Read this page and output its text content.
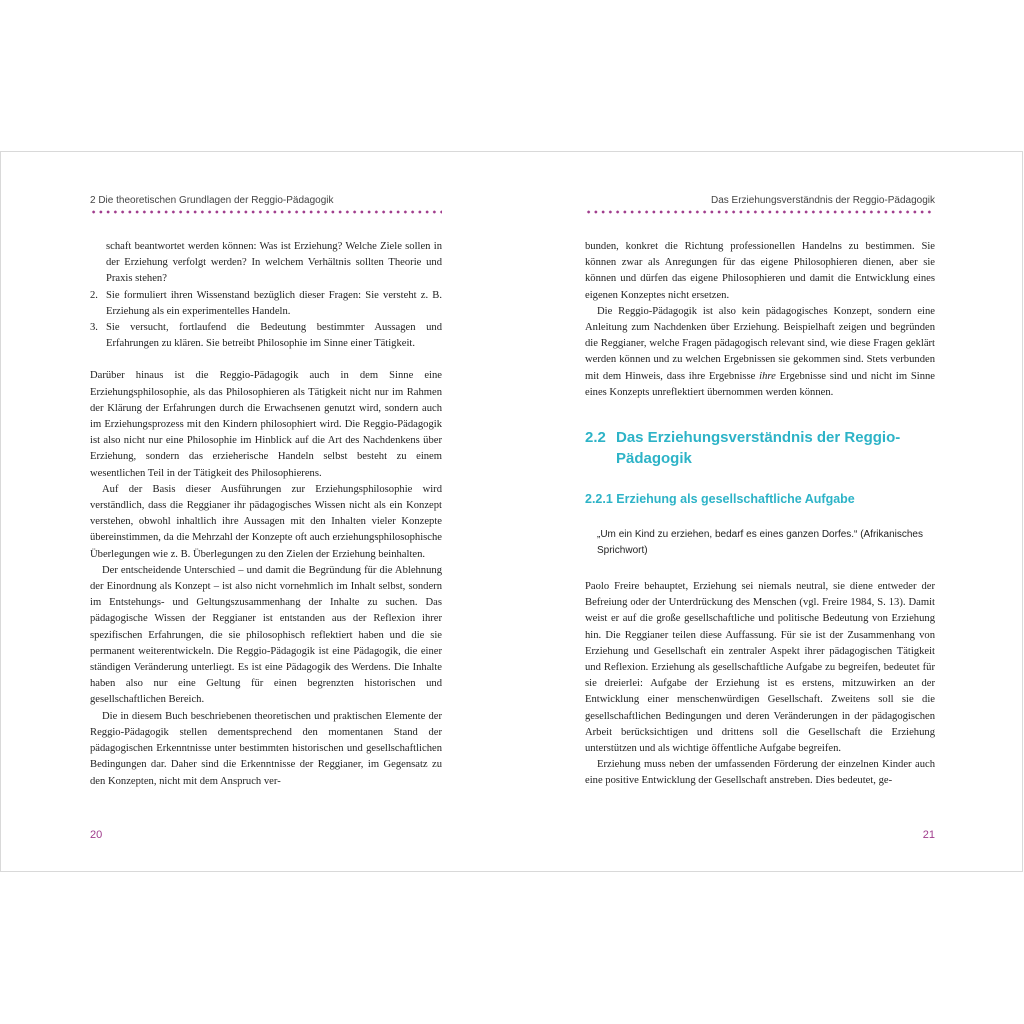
2 Die theoretischen Grundlagen der Reggio-Pädagogik

schaft beantwortet werden können: Was ist Erziehung? Welche Ziele sollen in der Erziehung verfolgt werden? In welchem Verhältnis sollten Theorie und Praxis stehen?

2. Sie formuliert ihren Wissenstand bezüglich dieser Fragen: Sie versteht z. B. Erziehung als ein experimentelles Handeln.

3. Sie versucht, fortlaufend die Bedeutung bestimmter Aussagen und Erfahrungen zu klären. Sie betreibt Philosophie im Sinne einer Tätigkeit.

Darüber hinaus ist die Reggio-Pädagogik auch in dem Sinne eine Erziehungsphilosophie, als das Philosophieren als Tätigkeit nicht nur im Rahmen der Klärung der Erfahrungen durch die Erwachsenen genutzt wird, sondern auch im Erziehungsprozess mit den Kindern philosophiert wird. Die Reggio-Pädagogik ist also nicht nur eine Philosophie im Hinblick auf die Art des Nachdenkens über Erziehung, sondern das erzieherische Handeln selbst besteht zu einem wesentlichen Teil in der Tätigkeit des Philosophierens.

Auf der Basis dieser Ausführungen zur Erziehungsphilosophie wird verständlich, dass die Reggianer ihr pädagogisches Wissen nicht als ein Konzept verstehen, obwohl inhaltlich ihre Aussagen mit den Inhalten vieler Konzepte übereinstimmen, da die Mehrzahl der Konzepte oft auch erziehungsphilosophische Überlegungen wie z. B. Überlegungen zu den Zielen der Erziehung beinhalten.

Der entscheidende Unterschied – und damit die Begründung für die Ablehnung der Einordnung als Konzept – ist also nicht vornehmlich im Inhalt selbst, sondern im Entstehungs- und Geltungszusammenhang der Inhalte zu suchen. Das pädagogische Wissen der Reggianer ist entstanden aus der Reflexion ihrer spezifischen Erfahrungen, die sie philosophisch reflektiert haben und die sie permanent weiterentwickeln. Die Reggio-Pädagogik ist eine Pädagogik, die einer ständigen Veränderung unterliegt. Es ist eine Pädagogik des Werdens. Die Inhalte haben also nur eine Geltung für einen begrenzten historischen und gesellschaftlichen Bereich.

Die in diesem Buch beschriebenen theoretischen und praktischen Elemente der Reggio-Pädagogik stellen dementsprechend den momentanen Stand der pädagogischen Erkenntnisse unter bestimmten historischen und gesellschaftlichen Bedingungen dar. Daher sind die Erkenntnisse der Reggianer, im Gegensatz zu den Konzepten, nicht mit dem Anspruch ver-

20
Das Erziehungsverständnis der Reggio-Pädagogik

bunden, konkret die Richtung professionellen Handelns zu bestimmen. Sie können zwar als Anregungen für das eigene Philosophieren dienen, aber sie können und dürfen das eigene Philosophieren und damit die Entwicklung eines eigenen Konzeptes nicht ersetzen.

Die Reggio-Pädagogik ist also kein pädagogisches Konzept, sondern eine Anleitung zum Nachdenken über Erziehung. Beispielhaft zeigen und begründen die Reggianer, welche Fragen pädagogisch relevant sind, wie diese Fragen geklärt werden können und zu welchen Ergebnissen sie gekommen sind. Stets verbunden mit dem Hinweis, dass ihre Ergebnisse ihre Ergebnisse sind und nicht im Sinne eines Konzepts unreflektiert übernommen werden können.

2.2 Das Erziehungsverständnis der Reggio-Pädagogik

2.2.1 Erziehung als gesellschaftliche Aufgabe

„Um ein Kind zu erziehen, bedarf es eines ganzen Dorfes.“ (Afrikanisches Sprichwort)

Paolo Freire behauptet, Erziehung sei niemals neutral, sie diene entweder der Befreiung oder der Unterdrückung des Menschen (vgl. Freire 1984, S. 13). Damit weist er auf die große gesellschaftliche und politische Bedeutung von Erziehung hin. Die Reggianer teilen diese Auffassung. Für sie ist der Zusammenhang von Erziehung und Gesellschaft ein zentraler Aspekt ihrer pädagogischen Tätigkeit und Reflexion. Erziehung als gesellschaftliche Aufgabe zu begreifen, bedeutet für sie dreierlei: Aufgabe der Erziehung ist es erstens, mitzuwirken an der Entwicklung einer menschenwürdigen Gesellschaft. Zweitens soll sie die gesellschaftlichen Bedingungen und deren Veränderungen in der pädagogischen Arbeit berücksichtigen und drittens soll die Gesellschaft die Erziehung unterstützen und als wichtige öffentliche Aufgabe begreifen.

Erziehung muss neben der umfassenden Förderung der einzelnen Kinder auch eine positive Entwicklung der Gesellschaft anstreben. Dies bedeutet, ge-

21
